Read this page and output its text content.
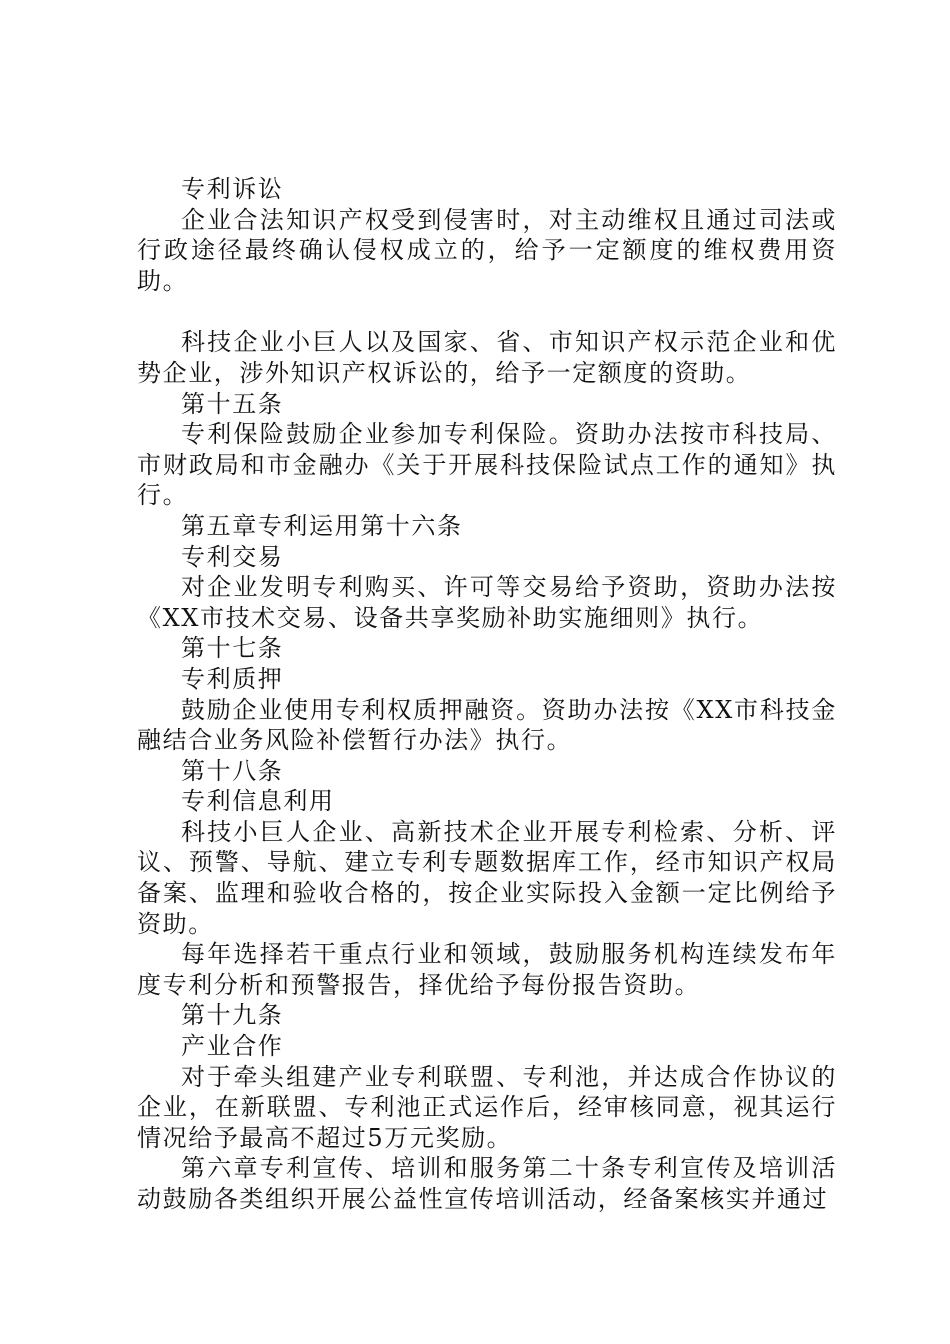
专利诉讼

企业合法知识产权受到侵害时，对主动维权且通过司法或行政途径最终确认侵权成立的，给予一定额度的维权费用资助。

科技企业小巨人以及国家、省、市知识产权示范企业和优势企业，涉外知识产权诉讼的，给予一定额度的资助。

第十五条

专利保险鼓励企业参加专利保险。资助办法按市科技局、市财政局和市金融办《关于开展科技保险试点工作的通知》执行。

第五章专利运用第十六条

专利交易

对企业发明专利购买、许可等交易给予资助，资助办法按《XX市技术交易、设备共享奖励补助实施细则》执行。

第十七条

专利质押

鼓励企业使用专利权质押融资。资助办法按《XX市科技金融结合业务风险补偿暂行办法》执行。

第十八条

专利信息利用

科技小巨人企业、高新技术企业开展专利检索、分析、评议、预警、导航、建立专利专题数据库工作，经市知识产权局备案、监理和验收合格的，按企业实际投入金额一定比例给予资助。

每年选择若干重点行业和领域，鼓励服务机构连续发布年度专利分析和预警报告，择优给予每份报告资助。

第十九条

产业合作

对于牵头组建产业专利联盟、专利池，并达成合作协议的企业，在新联盟、专利池正式运作后，经审核同意，视其运行情况给予最高不超过5万元奖励。

第六章专利宣传、培训和服务第二十条专利宣传及培训活动鼓励各类组织开展公益性宣传培训活动，经备案核实并通过
